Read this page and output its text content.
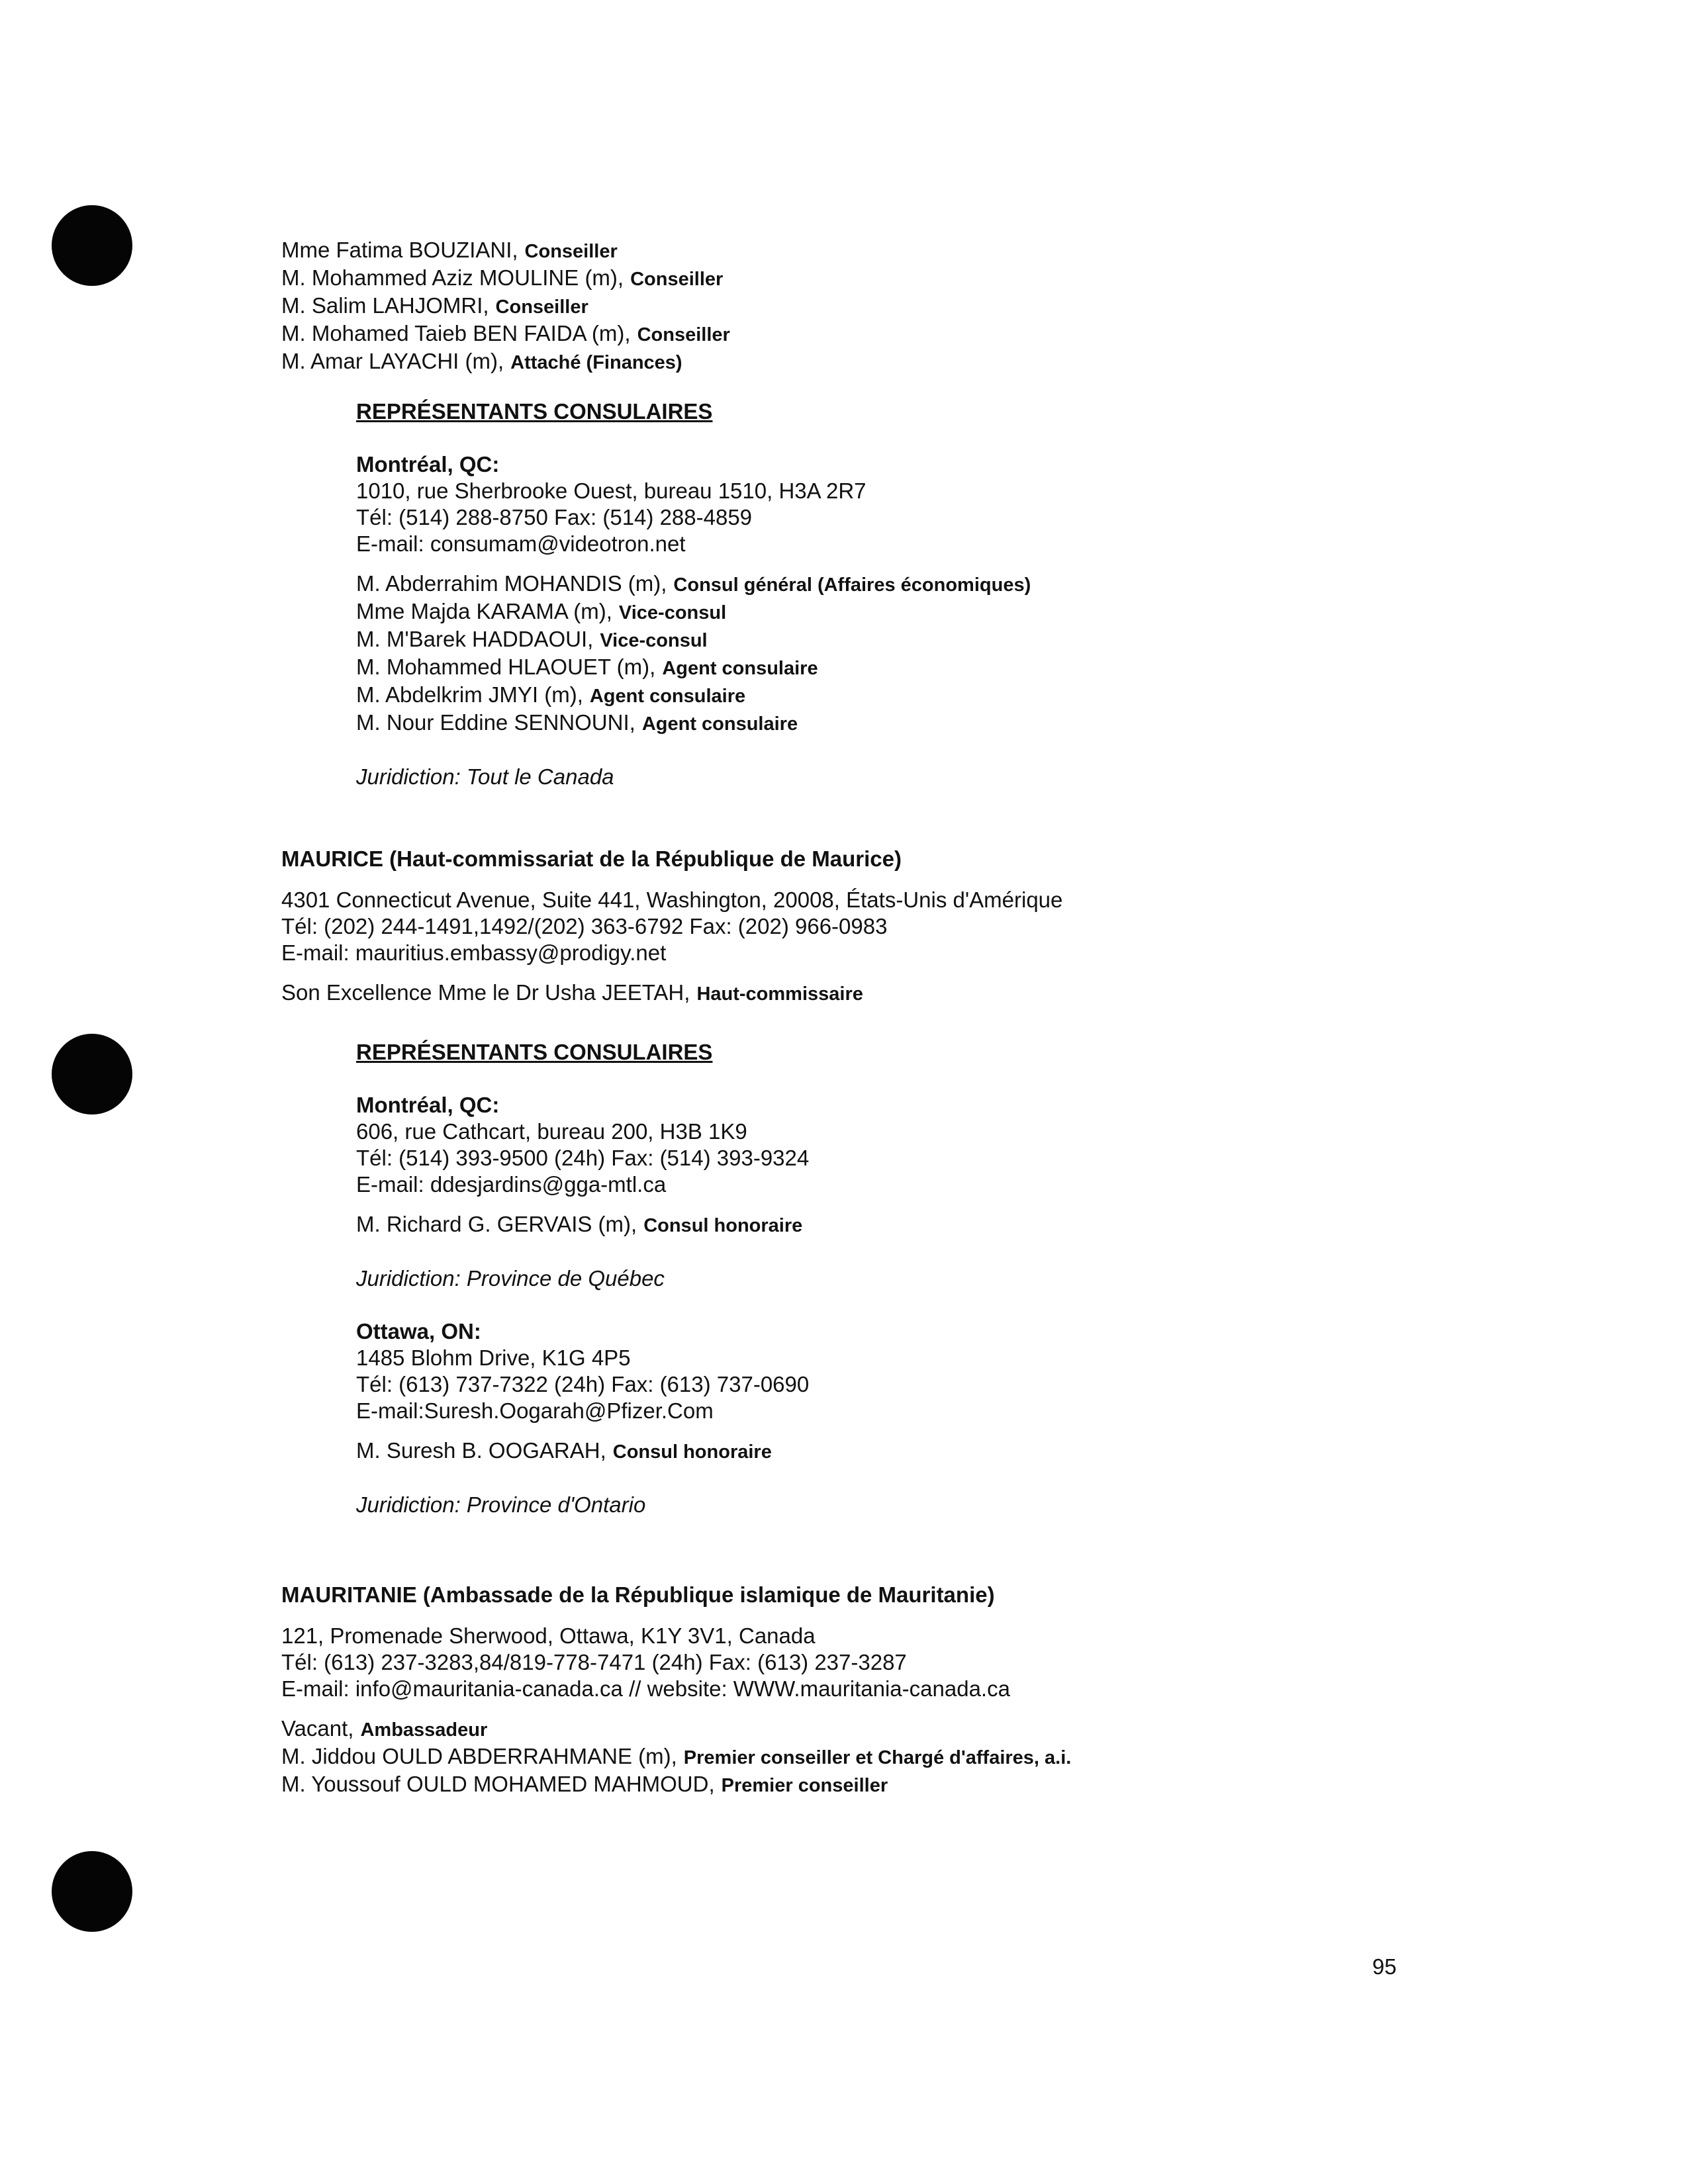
Mme Fatima BOUZIANI, Conseiller
M. Mohammed Aziz MOULINE (m), Conseiller
M. Salim LAHJOMRI, Conseiller
M. Mohamed Taieb BEN FAIDA (m), Conseiller
M. Amar LAYACHI (m), Attaché (Finances)
REPRÉSENTANTS CONSULAIRES
Montréal, QC:
1010, rue Sherbrooke Ouest, bureau 1510, H3A 2R7
Tél: (514) 288-8750 Fax: (514) 288-4859
E-mail: consumam@videotron.net
M. Abderrahim MOHANDIS (m), Consul général (Affaires économiques)
Mme Majda KARAMA (m), Vice-consul
M. M'Barek HADDAOUI, Vice-consul
M. Mohammed HLAOUET (m), Agent consulaire
M. Abdelkrim JMYI (m), Agent consulaire
M. Nour Eddine SENNOUNI, Agent consulaire
Juridiction: Tout le Canada
MAURICE (Haut-commissariat de la République de Maurice)
4301 Connecticut Avenue, Suite 441, Washington, 20008, États-Unis d'Amérique
Tél: (202) 244-1491,1492/(202) 363-6792 Fax: (202) 966-0983
E-mail: mauritius.embassy@prodigy.net
Son Excellence Mme le Dr Usha JEETAH, Haut-commissaire
REPRÉSENTANTS CONSULAIRES
Montréal, QC:
606, rue Cathcart, bureau 200, H3B 1K9
Tél: (514) 393-9500 (24h) Fax: (514) 393-9324
E-mail: ddesjardins@gga-mtl.ca
M. Richard G. GERVAIS (m), Consul honoraire
Juridiction: Province de Québec
Ottawa, ON:
1485 Blohm Drive, K1G 4P5
Tél: (613) 737-7322 (24h) Fax: (613) 737-0690
E-mail:Suresh.Oogarah@Pfizer.Com
M. Suresh B. OOGARAH, Consul honoraire
Juridiction: Province d'Ontario
MAURITANIE (Ambassade de la République islamique de Mauritanie)
121, Promenade Sherwood, Ottawa, K1Y 3V1, Canada
Tél: (613) 237-3283,84/819-778-7471 (24h) Fax: (613) 237-3287
E-mail: info@mauritania-canada.ca // website: WWW.mauritania-canada.ca
Vacant, Ambassadeur
M. Jiddou OULD ABDERRAHMANE (m), Premier conseiller et Chargé d'affaires, a.i.
M. Youssouf OULD MOHAMED MAHMOUD, Premier conseiller
95
